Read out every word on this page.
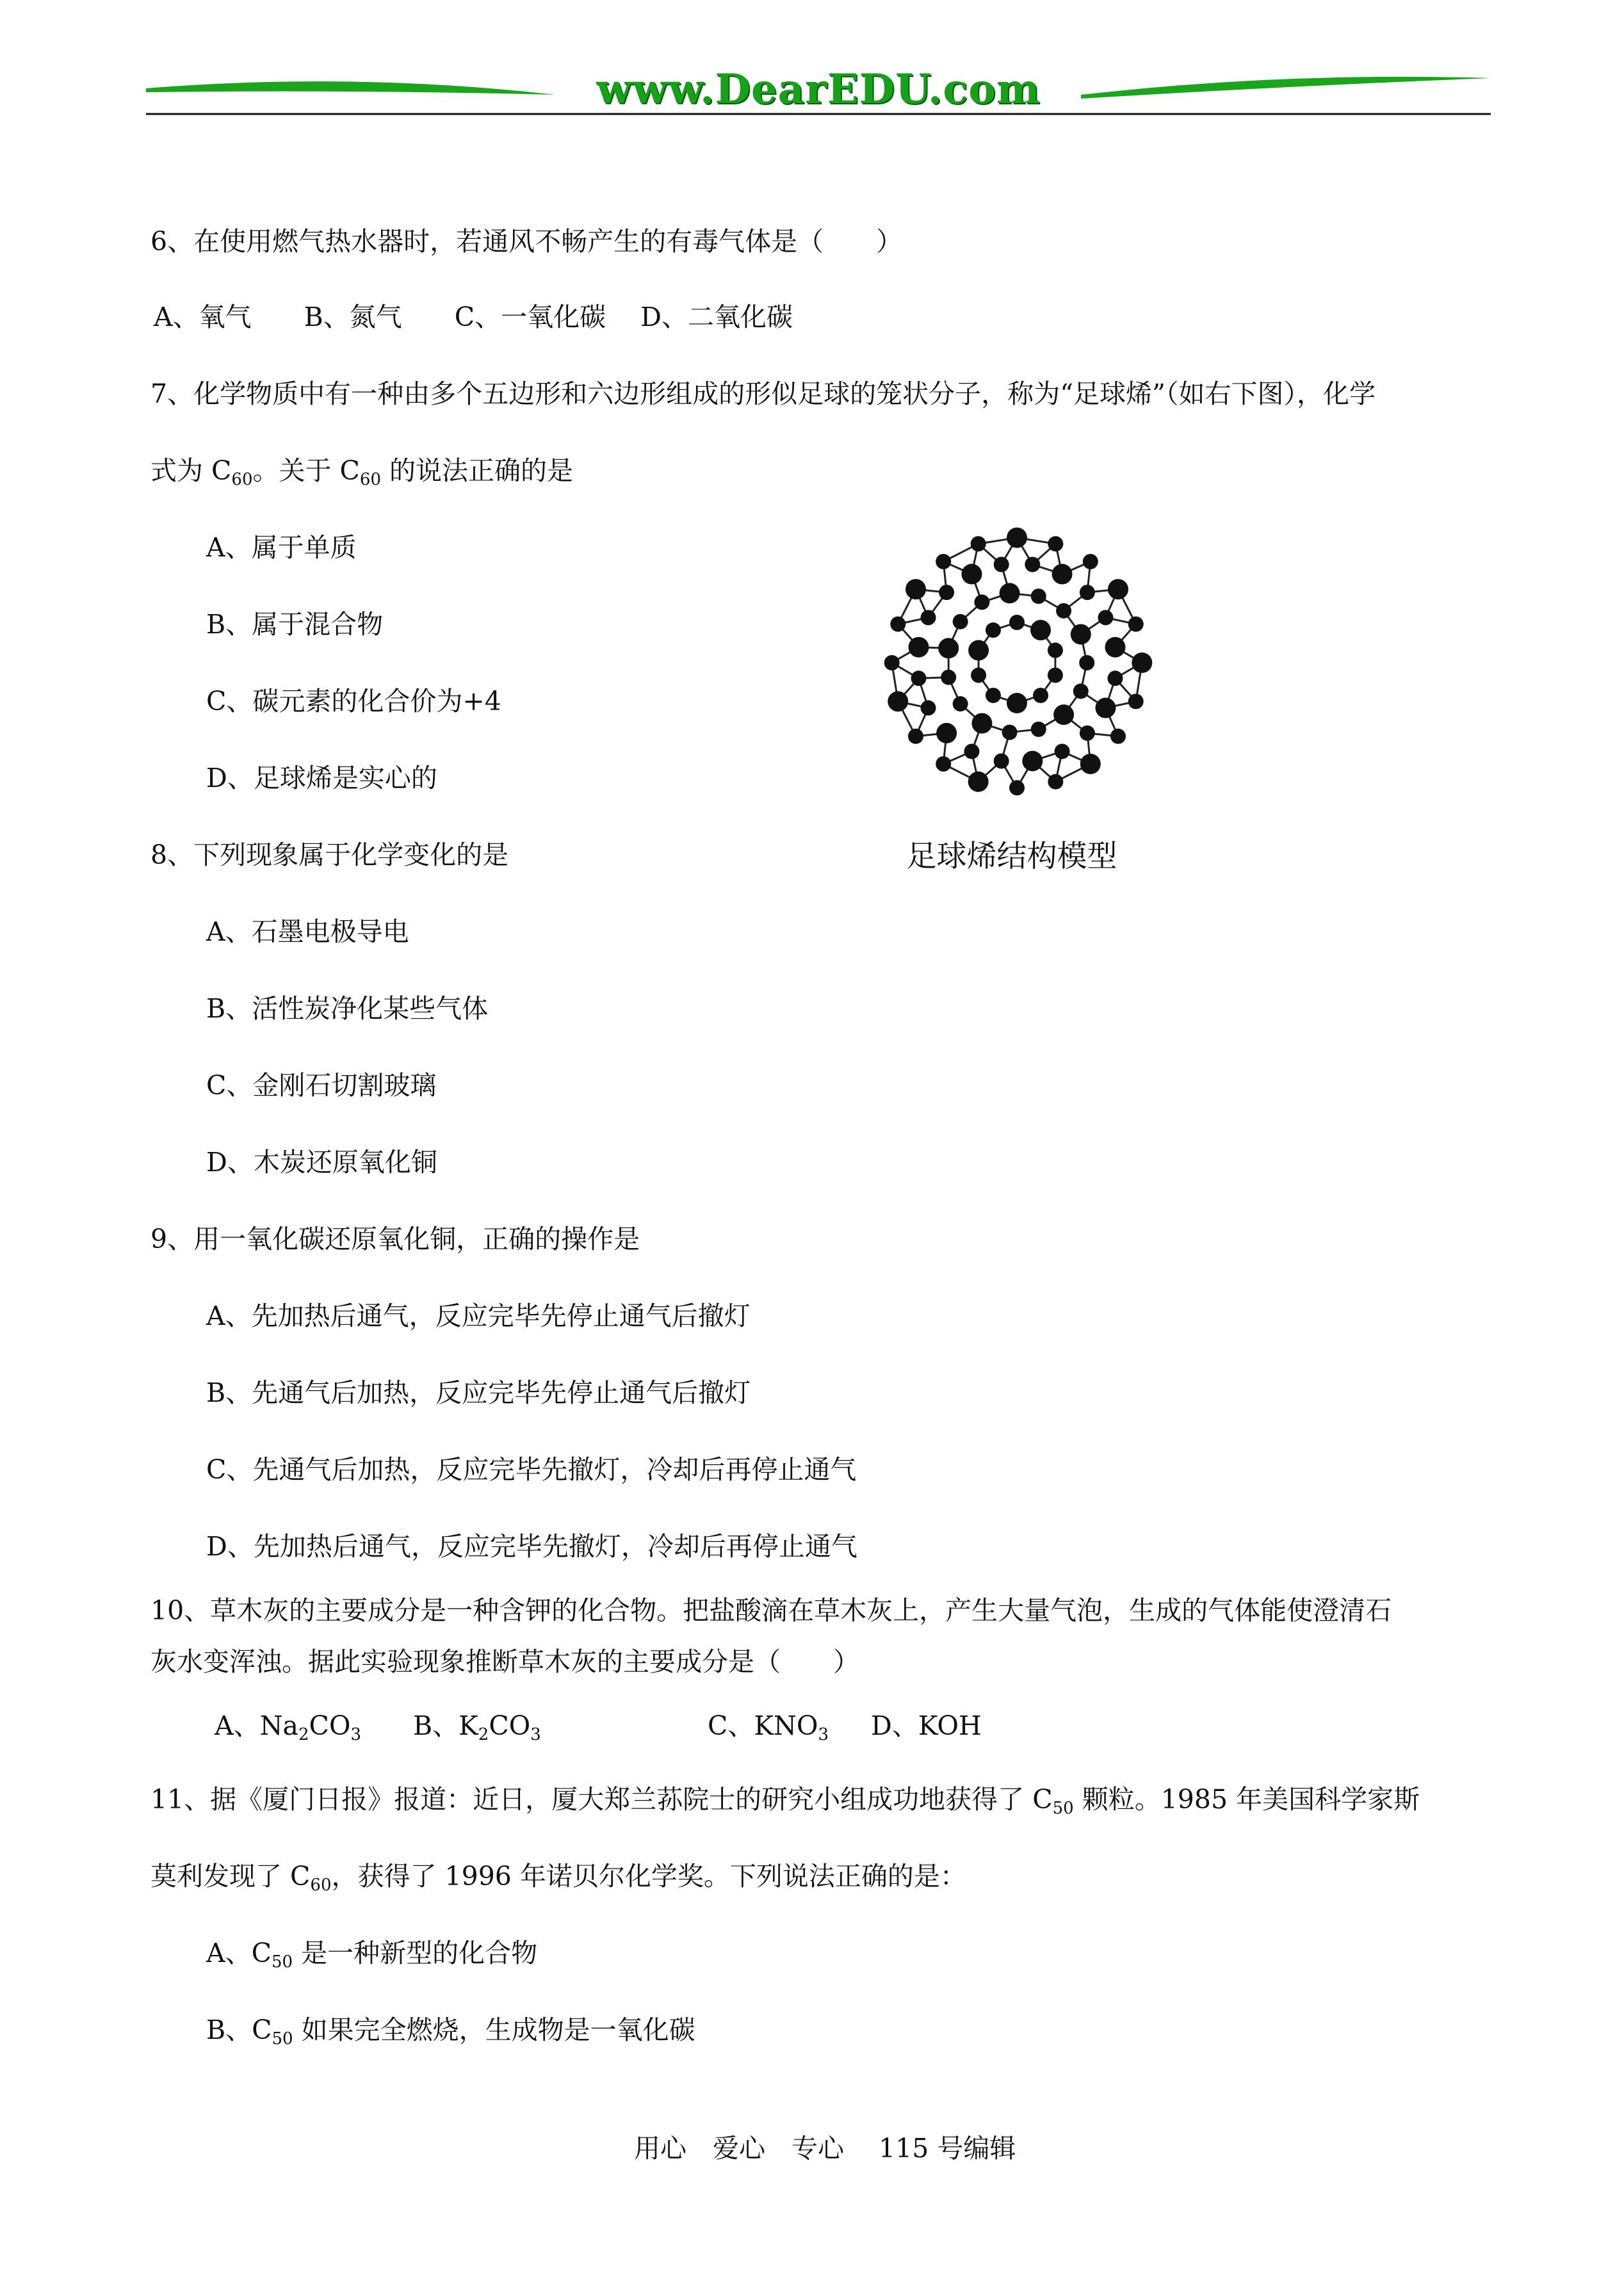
www.DearEDU.com
6、在使用燃气热水器时，若通风不畅产生的有毒气体是（　　）
A、氧气　　B、氮气　　C、一氧化碳　 D、二氧化碳
7、化学物质中有一种由多个五边形和六边形组成的形似足球的笼状分子，称为“足球烯”（如右下图），化学
式为 $C_{60}$。关于 $C_{60}$ 的说法正确的是
A、属于单质
B、属于混合物
C、碳元素的化合价为+4
D、足球烯是实心的
足球烯结构模型
8、下列现象属于化学变化的是
A、石墨电极导电
B、活性炭净化某些气体
C、金刚石切割玻璃
D、木炭还原氧化铜
9、用一氧化碳还原氧化铜，正确的操作是
A、先加热后通气，反应完毕先停止通气后撤灯
B、先通气后加热，反应完毕先停止通气后撤灯
C、先通气后加热，反应完毕先撤灯，冷却后再停止通气
D、先加热后通气，反应完毕先撤灯，冷却后再停止通气
10、草木灰的主要成分是一种含钾的化合物。把盐酸滴在草木灰上，产生大量气泡，生成的气体能使澄清石
灰水变浑浊。据此实验现象推断草木灰的主要成分是（　　）
A、$Na_2CO_3$ B、$K_2CO_3$	C、$KNO_3$ D、KOH
11、据《厦门日报》报道：近日，厦大郑兰荪院士的研究小组成功地获得了 $C_{50}$ 颗粒。1985 年美国科学家斯
莫利发现了 $C_{60}$，获得了 1996 年诺贝尔化学奖。下列说法正确的是：
A、$C_{50}$ 是一种新型的化合物
B、$C_{50}$ 如果完全燃烧，生成物是一氧化碳
用心　爱心　专心　 115 号编辑
